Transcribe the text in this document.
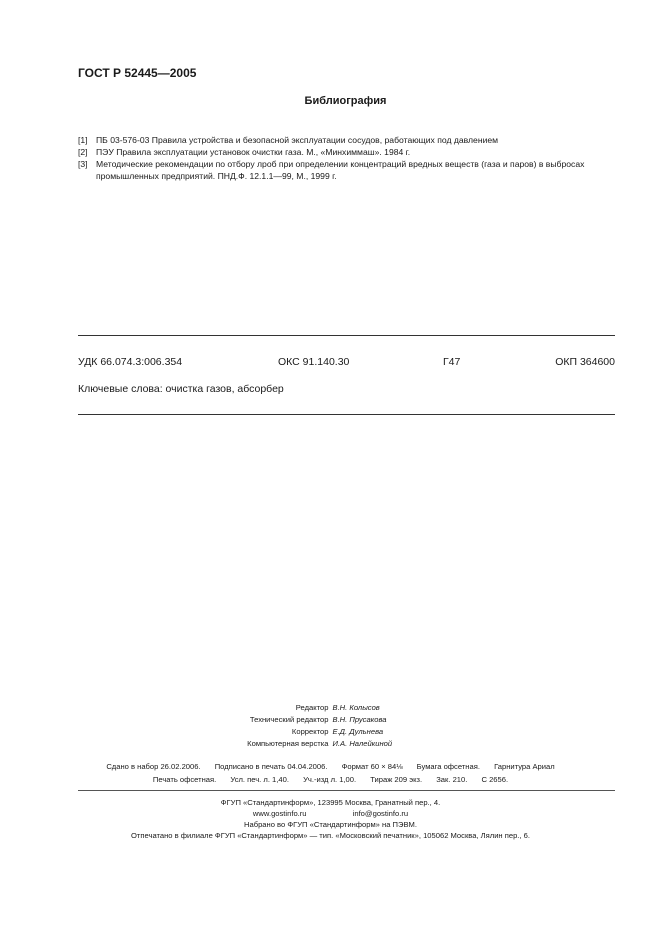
ГОСТ Р 52445—2005
Библиография
[1] ПБ 03-576-03 Правила устройства и безопасной эксплуатации сосудов, работающих под давлением
[2] ПЭУ Правила эксплуатации установок очистки газа. М., «Минхиммаш». 1984 г.
[3] Методические рекомендации по отбору лроб при определении концентраций вредных веществ (газа и паров) в выбросах промышленных предприятий. ПНД.Ф. 12.1.1—99, М., 1999 г.
УДК 66.074.3:006.354	ОКС 91.140.30	Г47	ОКП 364600
Ключевые слова: очистка газов, абсорбер
Редактор В.Н. Колысов
Технический редактор В.Н. Прусакова
Корректор Е.Д. Дульнева
Компьютерная верстка И.А. Налейкиной
Сдано в набор 26.02.2006. Подписано в печать 04.04.2006. Формат 60 × 84⅛ Бумага офсетная. Гарнитура Ариал
Печать офсетная. Усл. печ. л. 1,40. Уч.-изд л. 1,00. Тираж 209 экз. Зак. 210. С 2656.
ФГУП «Стандартинформ», 123995 Москва, Гранатный пер., 4.
www.gostinfo.ru	info@gostinfo.ru
Набрано во ФГУП «Стандартинформ» на ПЭВМ.
Отпечатано в филиале ФГУП «Стандартинформ» — тип. «Московский печатник», 105062 Москва, Лялин пер., 6.
